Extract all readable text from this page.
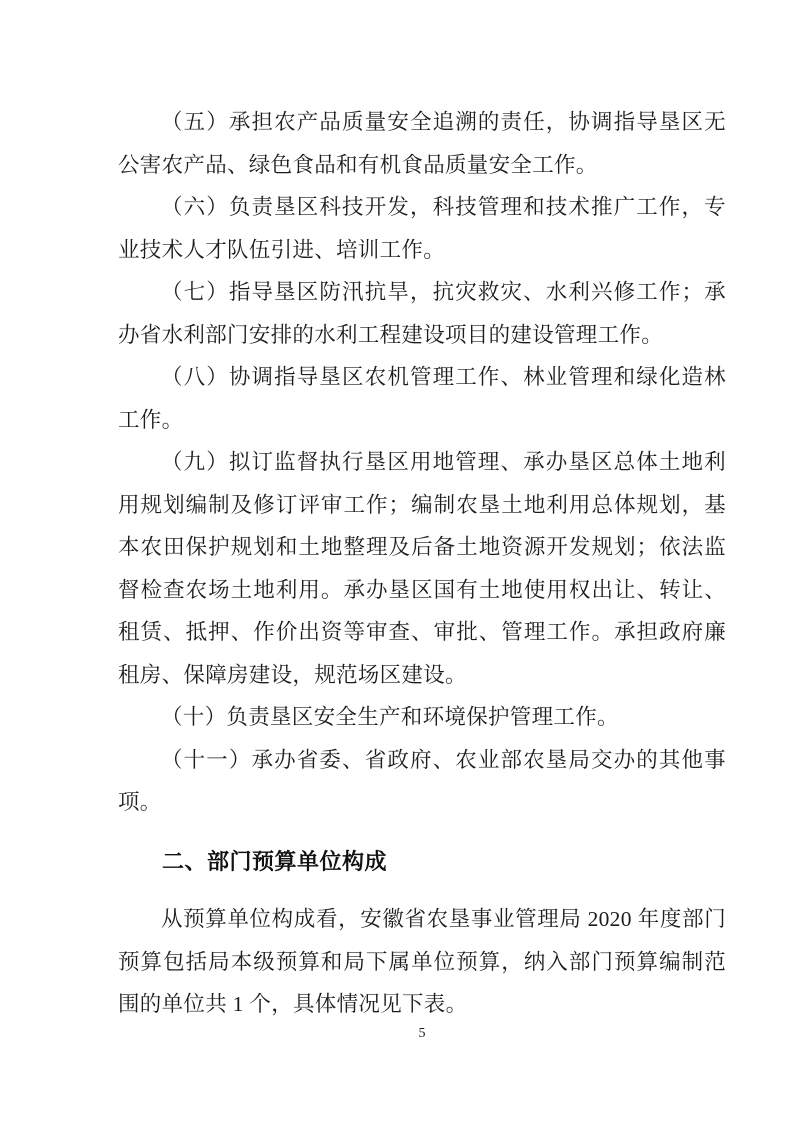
（五）承担农产品质量安全追溯的责任，协调指导垦区无公害农产品、绿色食品和有机食品质量安全工作。

（六）负责垦区科技开发，科技管理和技术推广工作，专业技术人才队伍引进、培训工作。

（七）指导垦区防汛抗旱，抗灾救灾、水利兴修工作；承办省水利部门安排的水利工程建设项目的建设管理工作。

（八）协调指导垦区农机管理工作、林业管理和绿化造林工作。

（九）拟订监督执行垦区用地管理、承办垦区总体土地利用规划编制及修订评审工作；编制农垦土地利用总体规划，基本农田保护规划和土地整理及后备土地资源开发规划；依法监督检查农场土地利用。承办垦区国有土地使用权出让、转让、租赁、抵押、作价出资等审查、审批、管理工作。承担政府廉租房、保障房建设，规范场区建设。

（十）负责垦区安全生产和环境保护管理工作。

（十一）承办省委、省政府、农业部农垦局交办的其他事项。

二、部门预算单位构成

从预算单位构成看，安徽省农垦事业管理局 2020 年度部门预算包括局本级预算和局下属单位预算，纳入部门预算编制范围的单位共 1 个，具体情况见下表。

5
